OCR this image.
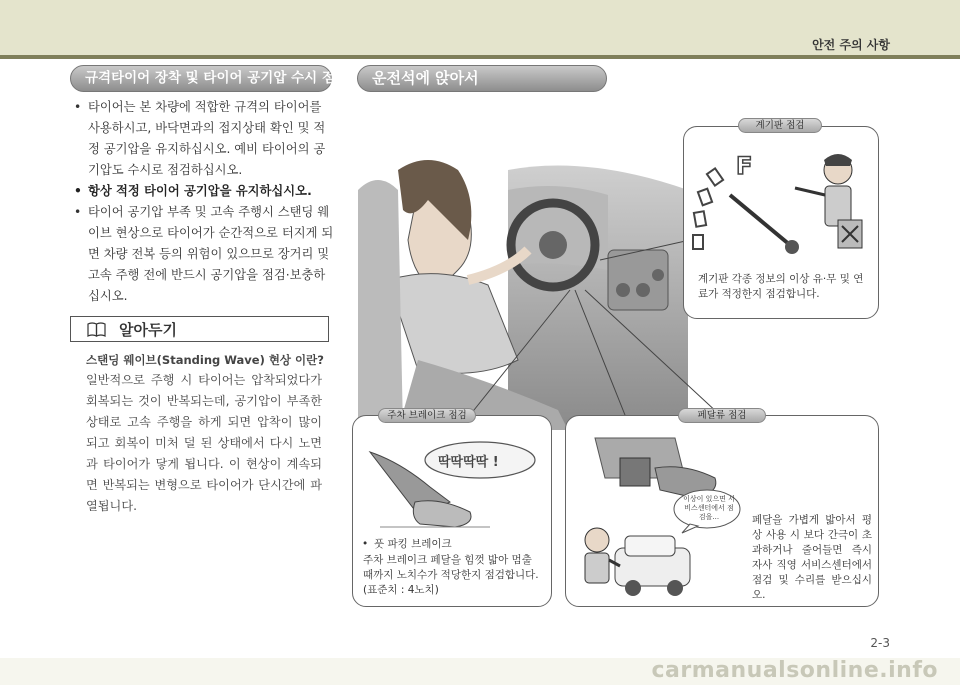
안전 주의 사항
규격타이어 장착 및 타이어 공기압 수시 점검
• 타이어는 본 차량에 적합한 규격의 타이어를 사용하시고, 바닥면과의 접지상태 확인 및 적정 공기압을 유지하십시오. 예비 타이어의 공기압도 수시로 점검하십시오.
• 항상 적정 타이어 공기압을 유지하십시오.
• 타이어 공기압 부족 및 고속 주행시 스탠딩 웨이브 현상으로 타이어가 순간적으로 터지게 되면 차량 전복 등의 위험이 있으므로 장거리 및 고속 주행 전에 반드시 공기압을 점검·보충하십시오.
알아두기
스탠딩 웨이브(Standing Wave) 현상 이란?
일반적으로 주행 시 타이어는 압착되었다가 회복되는 것이 반복되는데, 공기압이 부족한 상태로 고속 주행을 하게 되면 압착이 많이 되고 회복이 미처 덜 된 상태에서 다시 노면과 타이어가 닿게 됩니다. 이 현상이 계속되면 반복되는 변형으로 타이어가 단시간에 파열됩니다.
운전석에 앉아서
계기판 점검
F
계기판 각종 정보의 이상 유·무 및 연료가 적정한지 점검합니다.
주차 브레이크 점검
딱딱딱딱 !
• 풋 파킹 브레이크
주차 브레이크 페달을 힘껏 밟아 멈출 때까지 노치수가 적당한지 점검합니다.
(표준치 : 4노치)
페달류 점검
이상이 있으면 서비스센터에서 점검을...	페달을 가볍게 밟아서 평상 사용 시 보다 간극이 초과하거나 줄어들면 즉시 자사 직영 서비스센터에서 점검 및 수리를 받으십시오.
2-3
carmanualsonline.info
